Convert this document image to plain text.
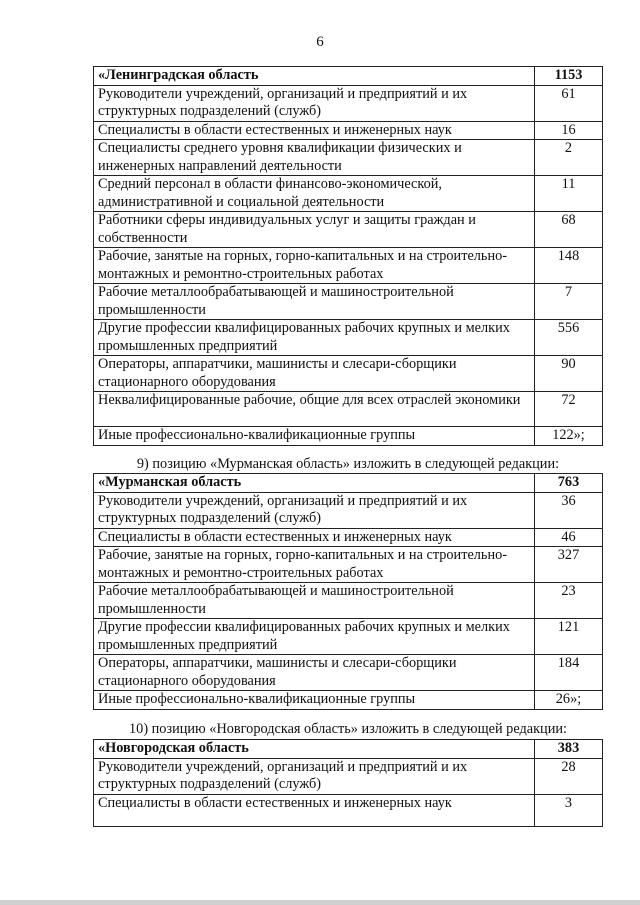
6
«Ленинградская область	1153
Руководители учреждений, организаций и предприятий и их структурных подразделений (служб)	61
Специалисты в области естественных и инженерных наук	16
Специалисты среднего уровня квалификации физических и инженерных направлений деятельности	2
Средний персонал в области финансово-экономической, административной и социальной деятельности	11
Работники сферы индивидуальных услуг и защиты граждан и собственности	68
Рабочие, занятые на горных, горно-капитальных и на строительно-монтажных и ремонтно-строительных работах	148
Рабочие металлообрабатывающей и машиностроительной промышленности	7
Другие профессии квалифицированных рабочих крупных и мелких промышленных предприятий	556
Операторы, аппаратчики, машинисты и слесари-сборщики стационарного оборудования	90
Неквалифицированные рабочие, общие для всех отраслей экономики	72
Иные профессионально-квалификационные группы	122»;
9) позицию «Мурманская область» изложить в следующей редакции:
«Мурманская область	763
Руководители учреждений, организаций и предприятий и их структурных подразделений (служб)	36
Специалисты в области естественных и инженерных наук	46
Рабочие, занятые на горных, горно-капитальных и на строительно-монтажных и ремонтно-строительных работах	327
Рабочие металлообрабатывающей и машиностроительной промышленности	23
Другие профессии квалифицированных рабочих крупных и мелких промышленных предприятий	121
Операторы, аппаратчики, машинисты и слесари-сборщики стационарного оборудования	184
Иные профессионально-квалификационные группы	26»;
10) позицию «Новгородская область» изложить в следующей редакции:
«Новгородская область	383
Руководители учреждений, организаций и предприятий и их структурных подразделений (служб)	28
Специалисты в области естественных и инженерных наук	3
